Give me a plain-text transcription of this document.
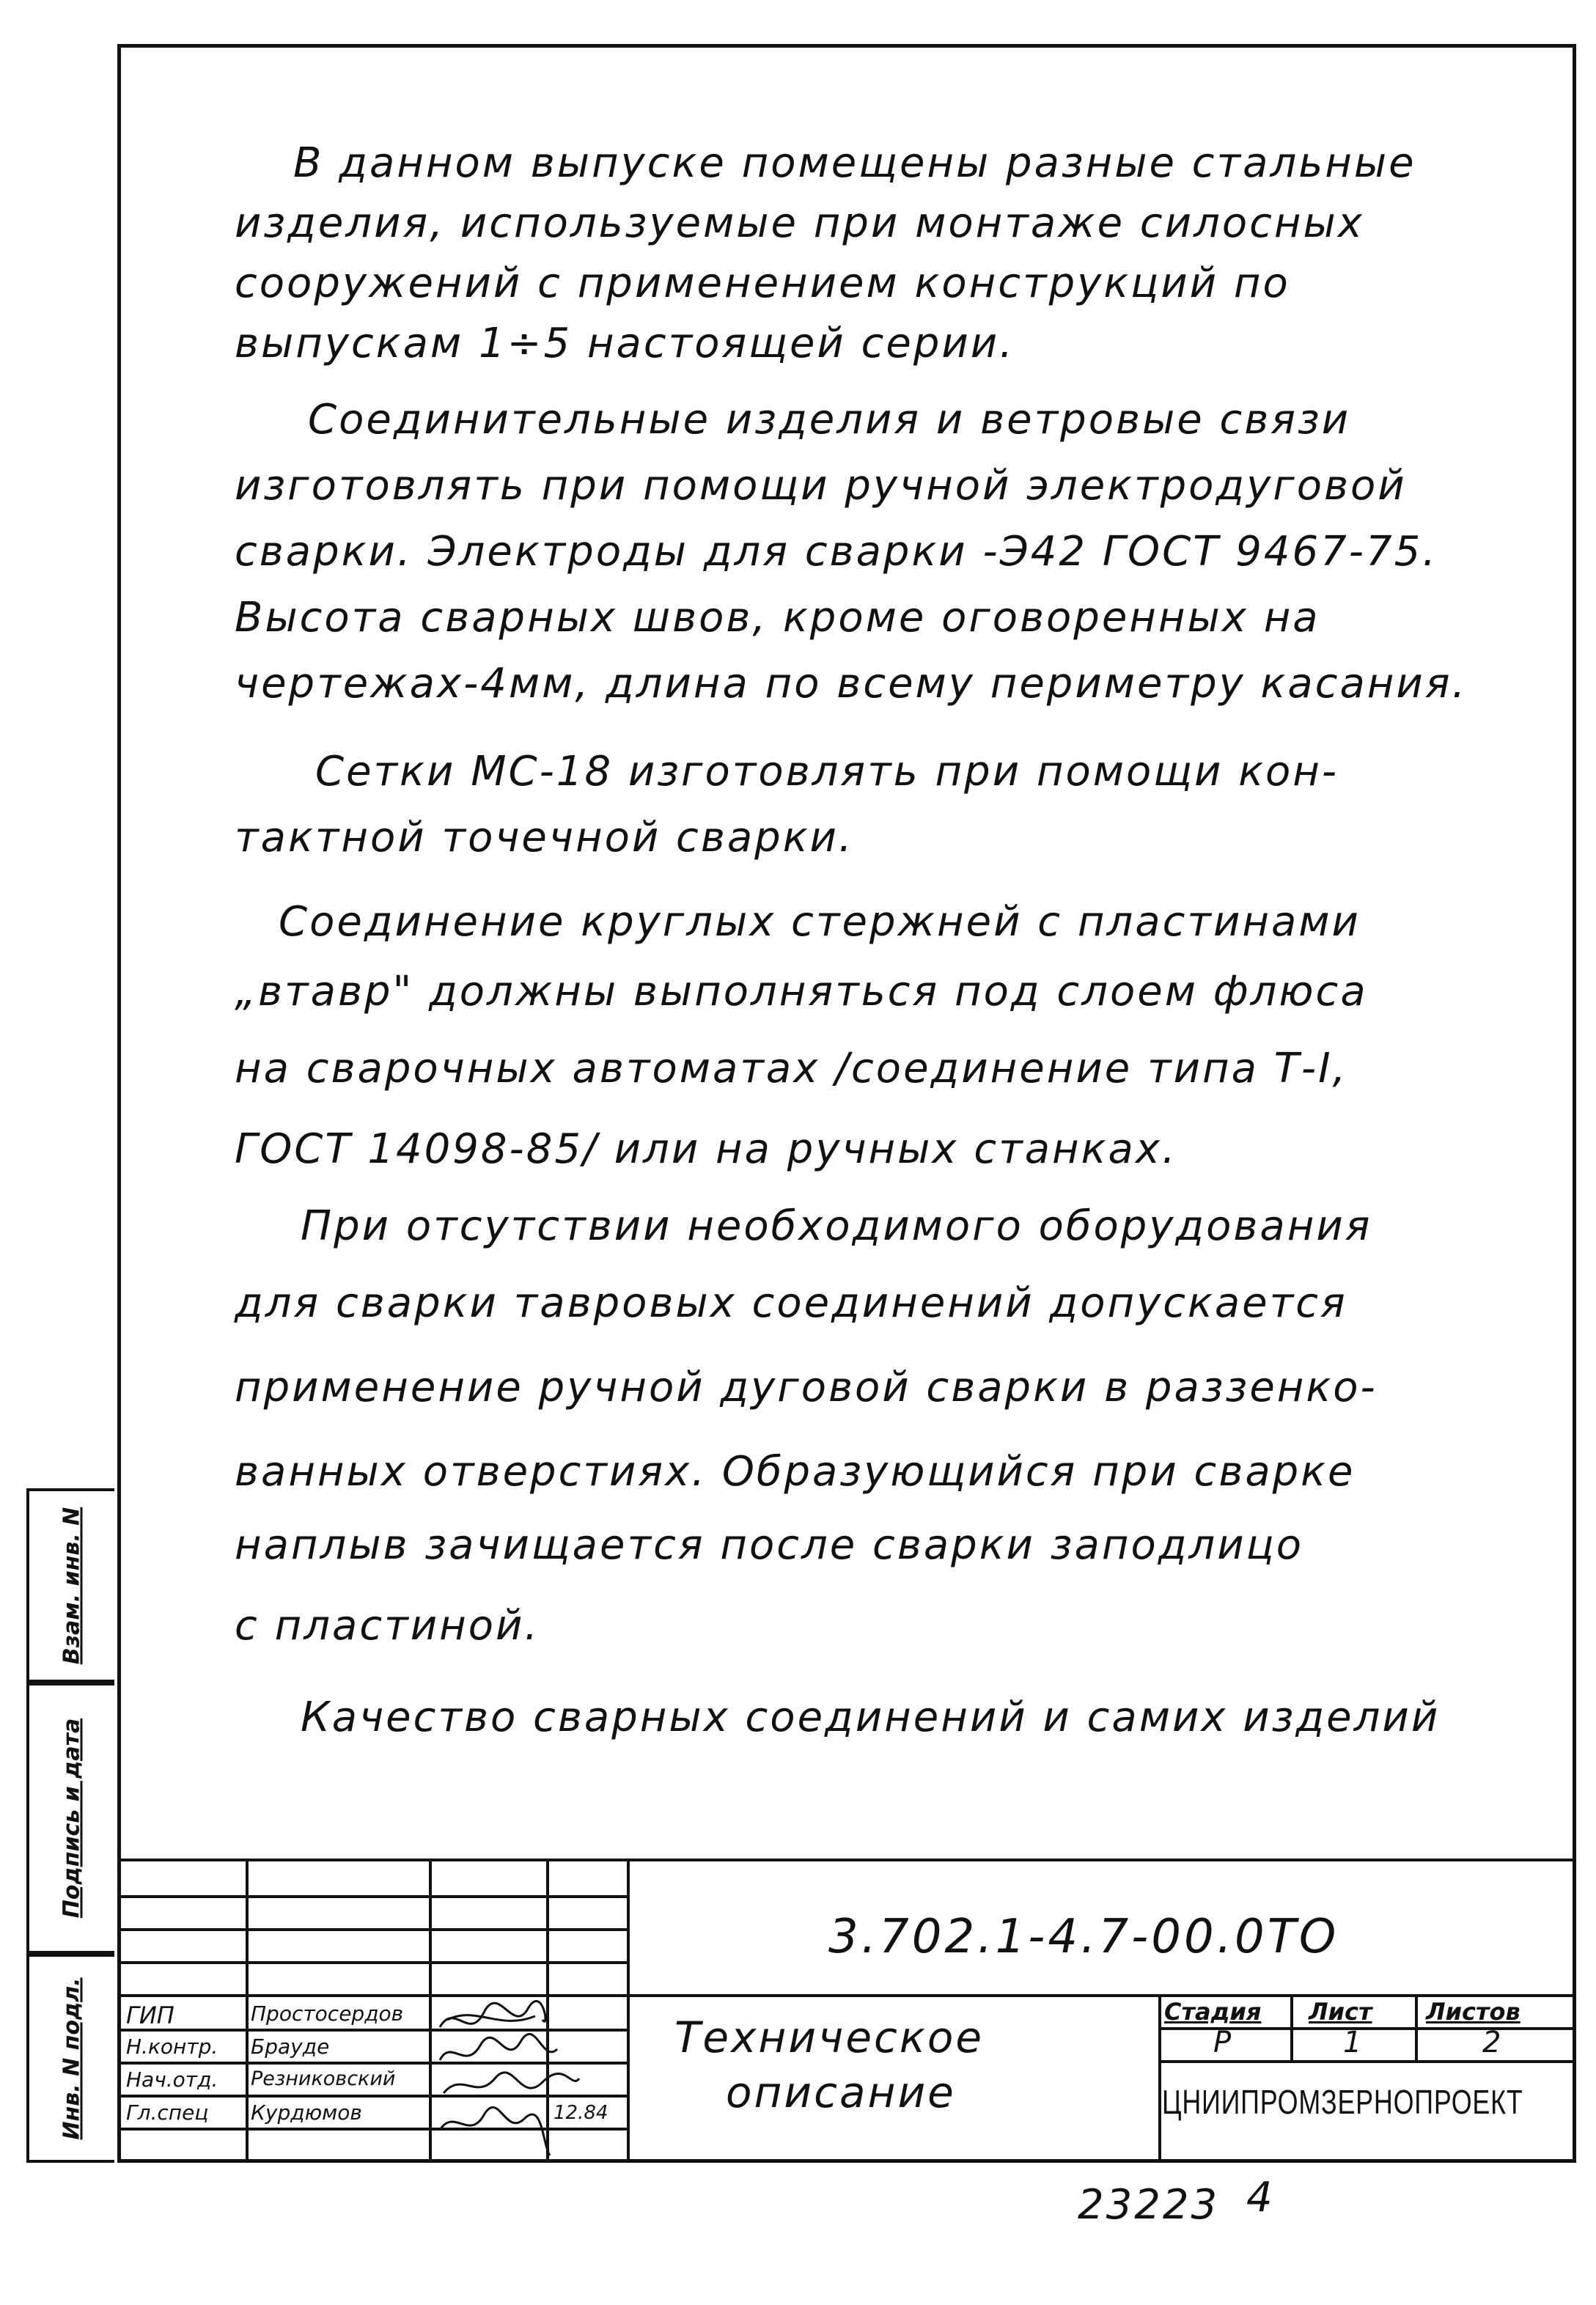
В данном выпуске помещены разные стальные
изделия, используемые при монтаже силосных
сооружений с применением конструкций по
выпускам 1÷5 настоящей серии.
Соединительные изделия и ветровые связи
изготовлять при помощи ручной электродуговой
сварки. Электроды для сварки -Э42 ГОСТ 9467-75.
Высота сварных швов, кроме оговоренных на
чертежах-4мм, длина по всему периметру касания.
Сетки МС-18 изготовлять при помощи кон-
тактной точечной сварки.
Соединение круглых стержней с пластинами
„втавр" должны выполняться под слоем флюса
на сварочных автоматах /соединение типа Т-I,
ГОСТ 14098-85/ или на ручных станках.
При отсутствии необходимого оборудования
для сварки тавровых соединений допускается
применение ручной дуговой сварки в раззенко-
ванных отверстиях. Образующийся при сварке
наплыв зачищается после сварки заподлицо
с пластиной.
Качество сварных соединений и самих изделий
Взам. инв. N
Подпись и дата
Инв. N подл.
3.702.1-4.7-00.0ТО
Техническое
описание
Стадия Лист Листов
Р	1	2
ЦНИИПРОМЗЕРНОПРОЕКТ
ГИП	Простосердов
Н.контр. Брауде
Нач.отд. Резниковский
Гл.спец Курдюмов	12.84
23223 4
